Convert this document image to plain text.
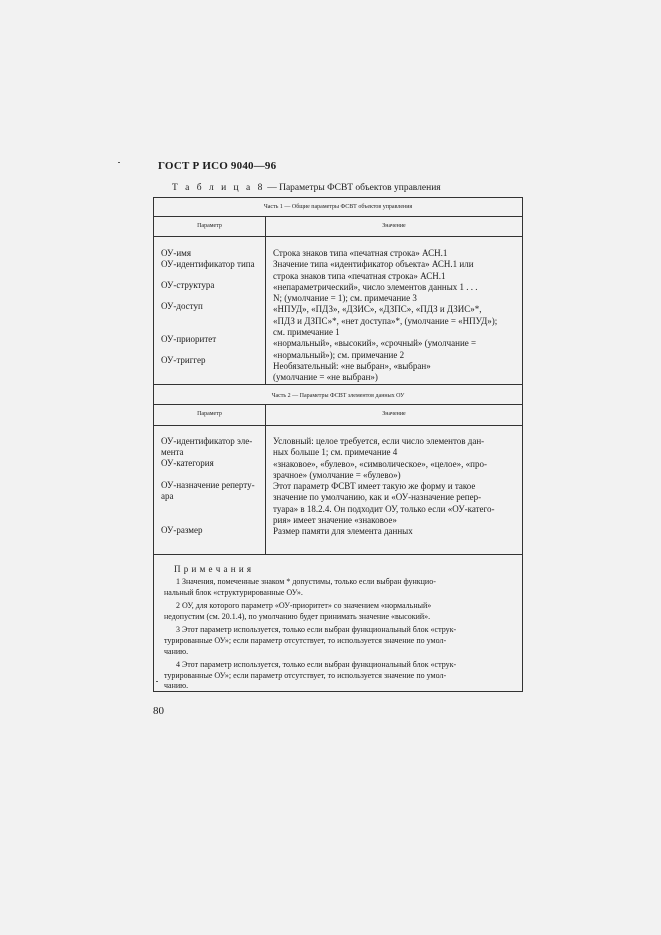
ГОСТ Р ИСО 9040—96
Т а б л и ц а 8 — Параметры ФСВТ объектов управления
Часть 1 — Общие параметры ФСВТ объектов управления
Параметр	Значение
ОУ-имя
ОУ-идентификатор типа
ОУ-структура
ОУ-доступ
ОУ-приоритет
ОУ-триггер
Строка знаков типа «печатная строка» АСН.1
Значение типа «идентификатор объекта» АСН.1 или
строка знаков типа «печатная строка» АСН.1
«непараметрический», число элементов данных 1 . . .
N; (умолчание = 1); см. примечание 3
«НПУД», «ПДЗ», «ДЗИС», «ДЗПС», «ПДЗ и ДЗИС»*,
«ПДЗ и ДЗПС»*, «нет доступа»*, (умолчание = «НПУД»);
см. примечание 1
«нормальный», «высокий», «срочный» (умолчание =
«нормальный»); см. примечание 2
Необязательный: «не выбран», «выбран»
(умолчание = «не выбран»)
Часть 2 — Параметры ФСВТ элементов данных ОУ
Параметр	Значение
ОУ-идентификатор эле-
мента
ОУ-категория
ОУ-назначение реперту-
ара
ОУ-размер
Условный: целое требуется, если число элементов дан-
ных больше 1; см. примечание 4
«знаковое», «булево», «символическое», «целое», «про-
зрачное» (умолчание = «булево»)
Этот параметр ФСВТ имеет такую же форму и такое
значение по умолчанию, как и «ОУ-назначение репер-
туара» в 18.2.4. Он подходит ОУ, только если «ОУ-катего-
рия» имеет значение «знаковое»
Размер памяти для элемента данных
П р и м е ч а н и я
1 Значения, помеченные знаком * допустимы, только если выбран функцио-
нальный блок «структурированные ОУ».
2 ОУ, для которого параметр «ОУ-приоритет» со значением «нормальный»
недопустим (см. 20.1.4), по умолчанию будет принимать значение «высокий».
3 Этот параметр используется, только если выбран функциональный блок «струк-
турированные ОУ»; если параметр отсутствует, то используется значение по умол-
чанию.
4 Этот параметр используется, только если выбран функциональный блок «струк-
турированные ОУ»; если параметр отсутствует, то используется значение по умол-
чанию.
80
